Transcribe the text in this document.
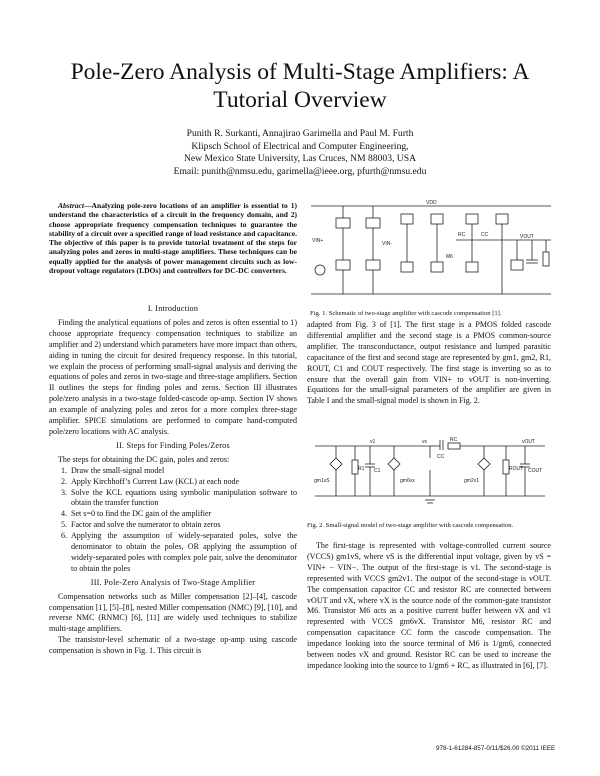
Pole-Zero Analysis of Multi-Stage Amplifiers: A Tutorial Overview
Punith R. Surkanti, Annajirao Garimella and Paul M. Furth
Klipsch School of Electrical and Computer Engineering,
New Mexico State University, Las Cruces, NM 88003, USA
Email: punith@nmsu.edu, garimella@ieee.org, pfurth@nmsu.edu

Abstract—Analyzing pole-zero locations of an amplifier is essential to 1) understand the characteristics of a circuit in the frequency domain, and 2) choose appropriate frequency compensation techniques to guarantee the stability of a circuit over a specified range of load resistance and capacitance. The objective of this paper is to provide tutorial treatment of the steps for analyzing poles and zeros in multi-stage amplifiers. These techniques can be equally applied for the analysis of power management circuits such as low-dropout voltage regulators (LDOs) and controllers for DC-DC converters.

I. Introduction

Finding the analytical equations of poles and zeros is often essential to 1) choose appropriate frequency compensation techniques to stabilize an amplifier and 2) understand which parameters have more impact than others, aiding in tuning the circuit for desired frequency response. In this tutorial, we explain the process of performing small-signal analysis and deriving the equations of poles and zeros in two-stage and three-stage amplifiers. Section II outlines the steps for finding poles and zeros. Section III illustrates pole/zero analysis in a two-stage folded-cascode op-amp. Section IV shows an example of analyzing poles and zeros for a more complex three-stage amplifier. SPICE simulations are performed to compare hand-computed pole/zero locations with AC analysis.

II. Steps for Finding Poles/Zeros

The steps for obtaining the DC gain, poles and zeros:

1. Draw the small-signal model
2. Apply Kirchhoff’s Current Law (KCL) at each node
3. Solve the KCL equations using symbolic manipulation software to obtain the transfer function
4. Set s=0 to find the DC gain of the amplifier
5. Factor and solve the numerator to obtain zeros
6. Applying the assumption of widely-separated poles, solve the denominator to obtain the poles, OR applying the assumption of widely-separated poles with complex pole pair, solve the denominator to obtain the poles

III. Pole-Zero Analysis of Two-Stage Amplifier

Compensation networks such as Miller compensation [2]–[4], cascode compensation [1], [5]–[8], nested Miller compensation (NMC) [9], [10], and reverse NMC (RNMC) [6], [11] are widely used techniques to stabilize multi-stage amplifiers.

The transistor-level schematic of a two-stage op-amp using cascode compensation is shown in Fig. 1. This circuit is

VDD
VIN+	VIN-
VOUT
CC
RC
M6
Fig. 1. Schematic of two-stage amplifier with cascode compensation [1].

adapted from Fig. 3 of [1]. The first stage is a PMOS folded cascode differential amplifier and the second stage is a PMOS common-source amplifier. The transconductance, output resistance and lumped parasitic capacitance of the first and second stage are represented by gm1, gm2, R1, ROUT, C1 and COUT respectively. The first stage is inverting so as to ensure that the overall gain from VIN+ to vOUT is non-inverting. Equations for the small-signal parameters of the amplifier are given in Table I and the small-signal model is shown in Fig. 2.

gm1vS
R1 C1
v1	vx
CC
RC
gm6vx	gm2v1
ROUT COUT
vOUT
Fig. 2. Small-signal model of two-stage amplifier with cascode compensation.

The first-stage is represented with voltage-controlled current source (VCCS) gm1vS, where vS is the differential input voltage, given by vS = VIN+ − VIN−. The output of the first-stage is v1. The second-stage is represented with VCCS gm2v1. The output of the second-stage is vOUT. The compensation capacitor CC and resistor RC are connected between vOUT and vX, where vX is the source node of the common-gate transistor M6. Transistor M6 acts as a positive current buffer between vX and v1 represented with VCCS gm6vX. Transistor M6, resistor RC and compensation capacitance CC form the cascode compensation. The impedance looking into the source terminal of M6 is 1/gm6, connected between nodes vX and ground. Resistor RC can be used to increase the impedance looking into the source to 1/gm6 + RC, as illustrated in [6], [7].

978-1-61284-857-0/11/$26.00 ©2011 IEEE
